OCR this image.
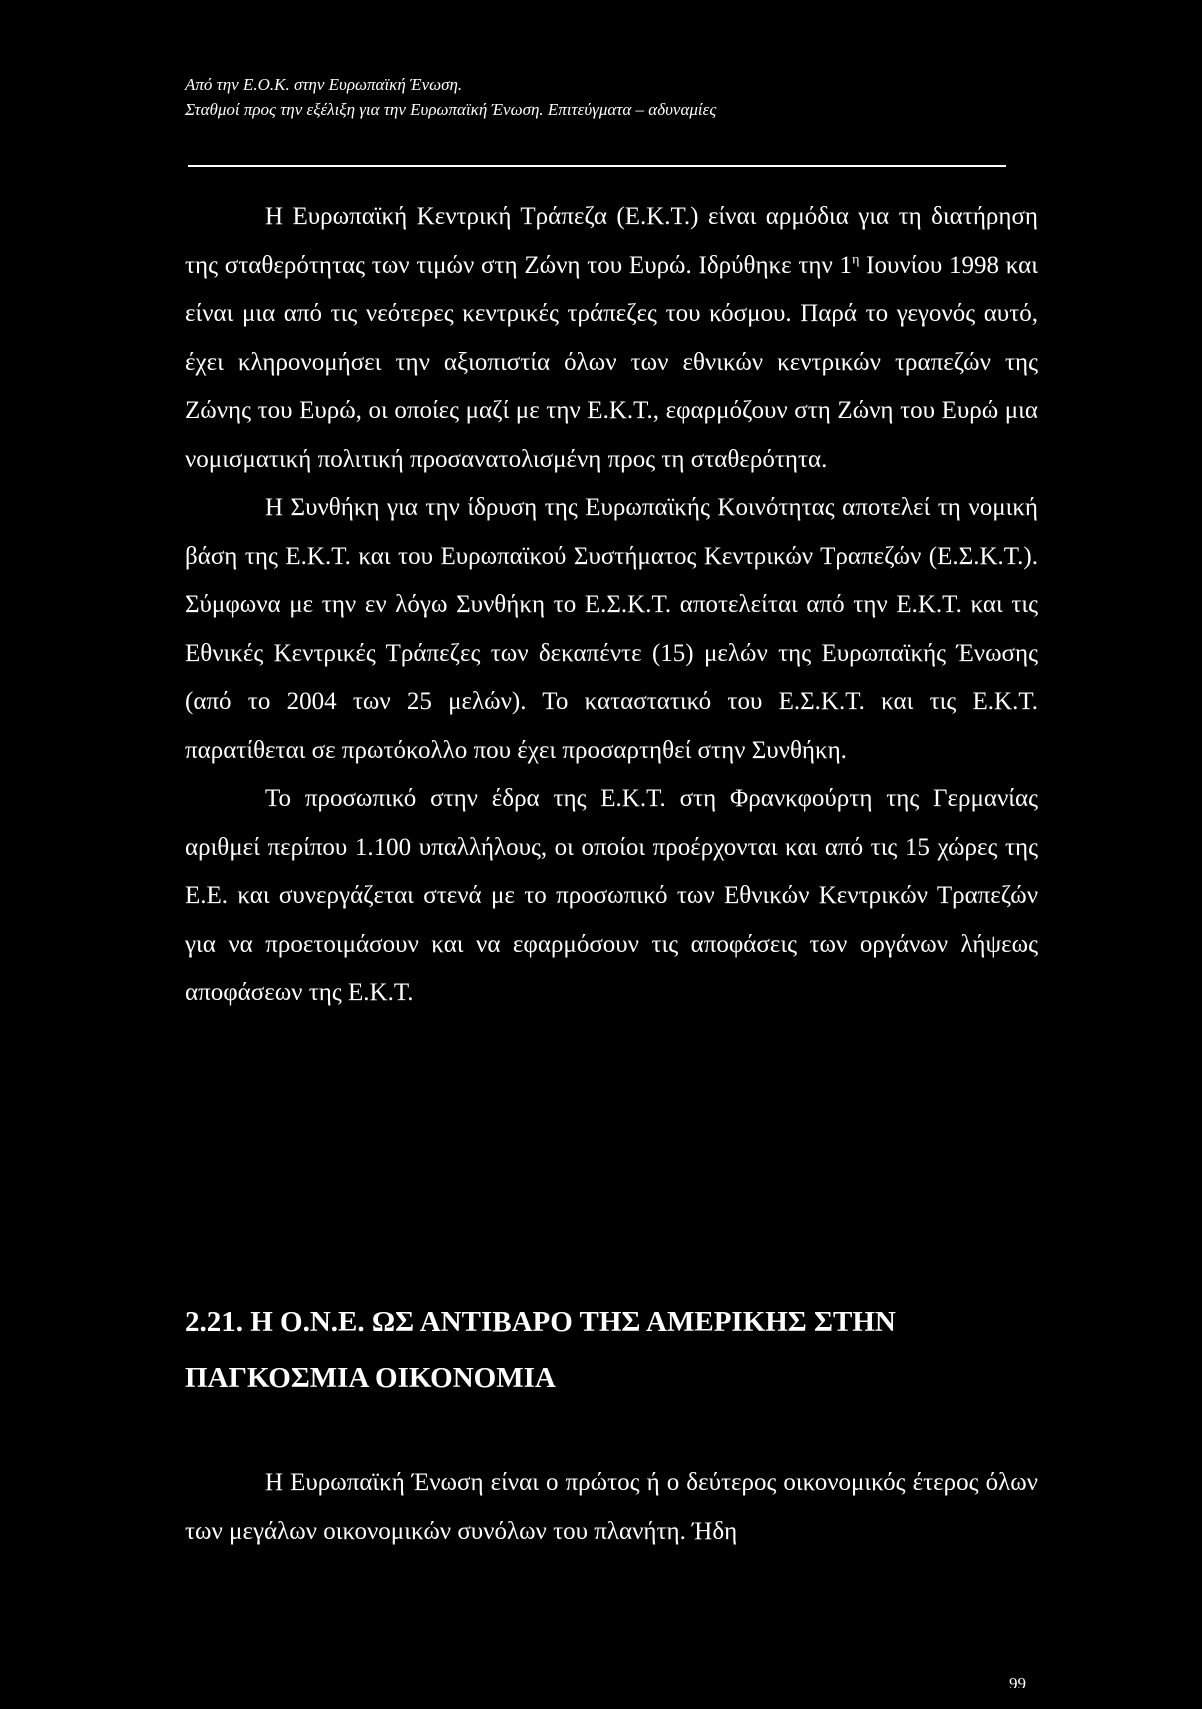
Από την Ε.Ο.Κ. στην Ευρωπαϊκή Ένωση.
Σταθμοί προς την εξέλιξη για την Ευρωπαϊκή Ένωση. Επιτεύγματα – αδυναμίες

Η Ευρωπαϊκή Κεντρική Τράπεζα (Ε.Κ.Τ.) είναι αρμόδια για τη διατήρηση της σταθερότητας των τιμών στη Ζώνη του Ευρώ. Ιδρύθηκε την $1^\eta$ Ιουνίου 1998 και είναι μια από τις νεότερες κεντρικές τράπεζες του κόσμου. Παρά το γεγονός αυτό, έχει κληρονομήσει την αξιοπιστία όλων των εθνικών κεντρικών τραπεζών της Ζώνης του Ευρώ, οι οποίες μαζί με την Ε.Κ.Τ., εφαρμόζουν στη Ζώνη του Ευρώ μια νομισματική πολιτική προσανατολισμένη προς τη σταθερότητα.

Η Συνθήκη για την ίδρυση της Ευρωπαϊκής Κοινότητας αποτελεί τη νομική βάση της Ε.Κ.Τ. και του Ευρωπαϊκού Συστήματος Κεντρικών Τραπεζών (Ε.Σ.Κ.Τ.). Σύμφωνα με την εν λόγω Συνθήκη το Ε.Σ.Κ.Τ. αποτελείται από την Ε.Κ.Τ. και τις Εθνικές Κεντρικές Τράπεζες των δεκαπέντε (15) μελών της Ευρωπαϊκής Ένωσης (από το 2004 των 25 μελών). Το καταστατικό του Ε.Σ.Κ.Τ. και τις Ε.Κ.Τ. παρατίθεται σε πρωτόκολλο που έχει προσαρτηθεί στην Συνθήκη.

Το προσωπικό στην έδρα της Ε.Κ.Τ. στη Φρανκφούρτη της Γερμανίας αριθμεί περίπου 1.100 υπαλλήλους, οι οποίοι προέρχονται και από τις 15 χώρες της Ε.Ε. και συνεργάζεται στενά με το προσωπικό των Εθνικών Κεντρικών Τραπεζών για να προετοιμάσουν και να εφαρμόσουν τις αποφάσεις των οργάνων λήψεως αποφάσεων της Ε.Κ.Τ.

2.21. Η Ο.Ν.Ε. ΩΣ ΑΝΤΙΒΑΡΟ ΤΗΣ ΑΜΕΡΙΚΗΣ ΣΤΗΝ ΠΑΓΚΟΣΜΙΑ ΟΙΚΟΝΟΜΙΑ

Η Ευρωπαϊκή Ένωση είναι ο πρώτος ή ο δεύτερος οικονομικός έτερος όλων των μεγάλων οικονομικών συνόλων του πλανήτη. Ήδη

99
